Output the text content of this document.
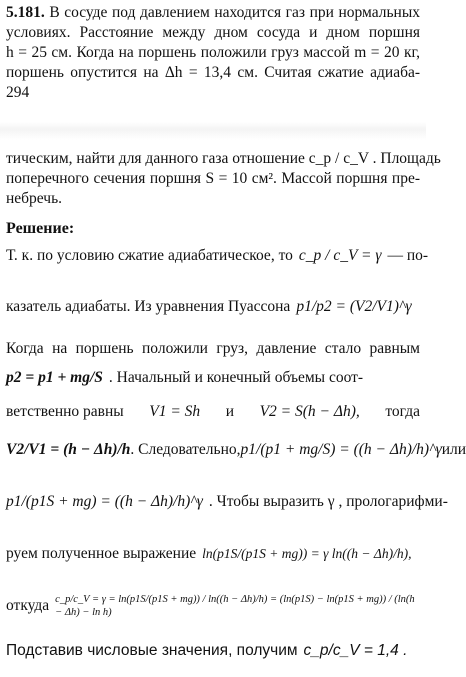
5.181. В сосуде под давлением находится газ при нормальных
условиях. Расстояние между дном сосуда и дном поршня
h = 25 см. Когда на поршень положили груз массой m = 20 кг,
поршень опустится на Δh = 13,4 см. Считая сжатие адиаба-
294
тическим, найти для данного газа отношение c_p / c_V . Площадь
поперечного сечения поршня S = 10 см². Массой поршня пре-
небречь.
Решение:
Т. к. по условию сжатие адиабатическое, то c_p / c_V = γ — по-
казатель адиабаты. Из уравнения Пуассона p1/p2 = (V2/V1)^γ
Когда на поршень положили груз, давление стало равным
p2 = p1 + mg/S . Начальный и конечный объемы соот-
ветственно равны V1 = Sh и V2 = S(h − Δh), тогда
V2/V1 = (h − Δh)/h . Следовательно, p1/(p1 + mg/S) = ((h − Δh)/h)^γ или
p1/(p1S + mg) = ((h − Δh)/h)^γ . Чтобы выразить γ , прологарифми-
руем полученное выражение ln(p1S/(p1S + mg)) = γ ln((h − Δh)/h),
откуда c_p/c_V = γ = ln(p1S/(p1S + mg)) / ln((h − Δh)/h) = (ln(p1S) − ln(p1S + mg)) / (ln(h − Δh) − ln h)
Подставив числовые значения, получим c_p/c_V = 1,4 .
